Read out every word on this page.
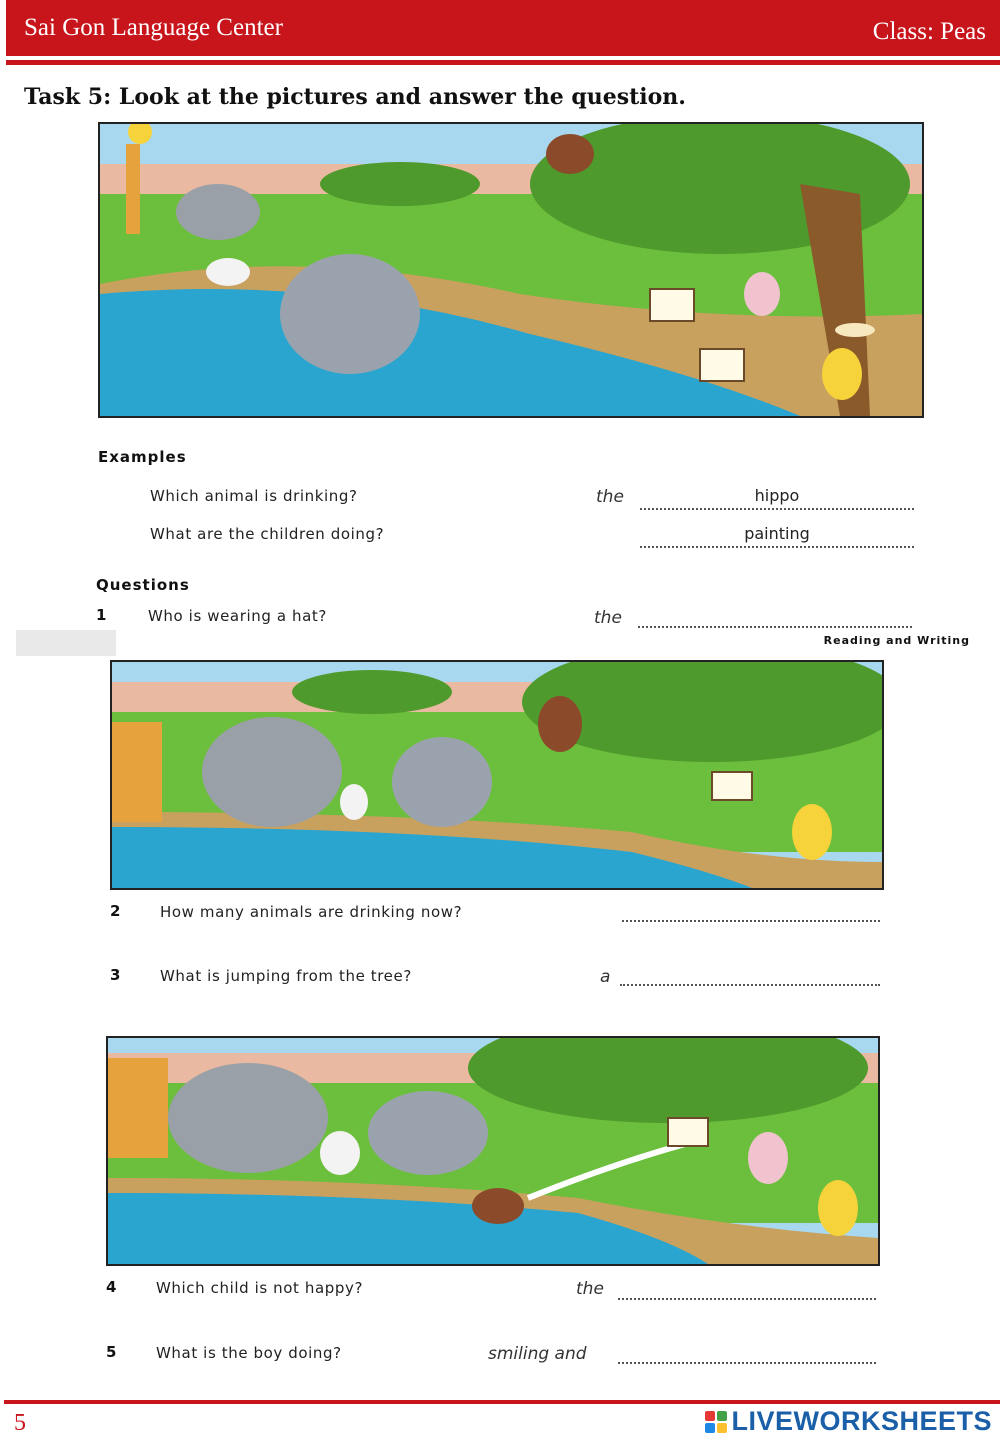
Sai Gon Language Center	Class: Peas
Task 5: Look at the pictures and answer the question.
Examples
Which animal is drinking?	the	hippo
What are the children doing?	painting
Questions
1	Who is wearing a hat?	the
Reading and Writing
2	How many animals are drinking now?
3	What is jumping from the tree?	a
4	Which child is not happy?	the
5	What is the boy doing?	smiling and
5	LIVEWORKSHEETS
